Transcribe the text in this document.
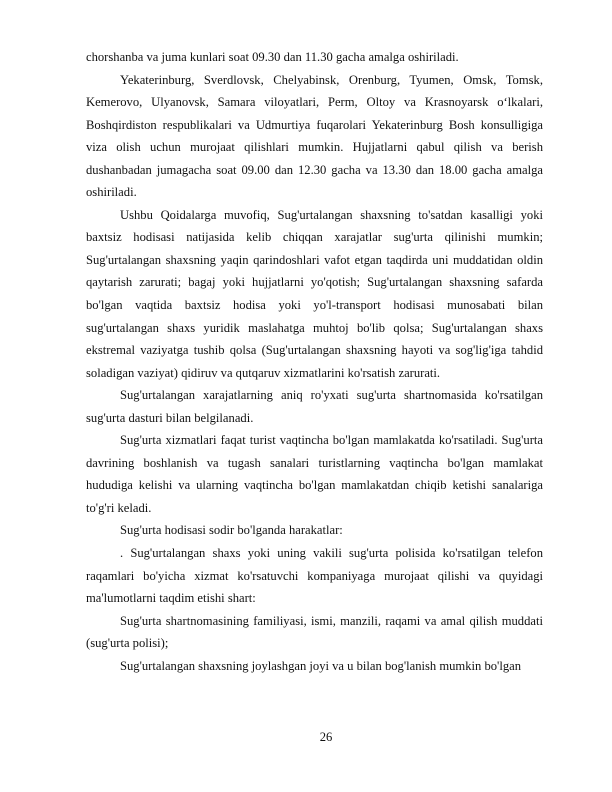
chorshanba va juma kunlari soat 09.30 dan 11.30 gacha amalga oshiriladi.

Yekaterinburg, Sverdlovsk, Chelyabinsk, Orenburg, Tyumen, Omsk, Tomsk, Kemerovo, Ulyanovsk, Samara viloyatlari, Perm, Oltoy va Krasnoyarsk o‘lkalari, Boshqirdiston respublikalari va Udmurtiya fuqarolari Yekaterinburg Bosh konsulligiga viza olish uchun murojaat qilishlari mumkin. Hujjatlarni qabul qilish va berish dushanbadan jumagacha soat 09.00 dan 12.30 gacha va 13.30 dan 18.00 gacha amalga oshiriladi.

Ushbu Qoidalarga muvofiq, Sug'urtalangan shaxsning to'satdan kasalligi yoki baxtsiz hodisasi natijasida kelib chiqqan xarajatlar sug'urta qilinishi mumkin; Sug'urtalangan shaxsning yaqin qarindoshlari vafot etgan taqdirda uni muddatidan oldin qaytarish zarurati; bagaj yoki hujjatlarni yo'qotish; Sug'urtalangan shaxsning safarda bo'lgan vaqtida baxtsiz hodisa yoki yo'l-transport hodisasi munosabati bilan sug'urtalangan shaxs yuridik maslahatga muhtoj bo'lib qolsa; Sug'urtalangan shaxs ekstremal vaziyatga tushib qolsa (Sug'urtalangan shaxsning hayoti va sog'lig'iga tahdid soladigan vaziyat) qidiruv va qutqaruv xizmatlarini ko'rsatish zarurati.

Sug'urtalangan xarajatlarning aniq ro'yxati sug'urta shartnomasida ko'rsatilgan sug'urta dasturi bilan belgilanadi.

Sug'urta xizmatlari faqat turist vaqtincha bo'lgan mamlakatda ko'rsatiladi. Sug'urta davrining boshlanish va tugash sanalari turistlarning vaqtincha bo'lgan mamlakat hududiga kelishi va ularning vaqtincha bo'lgan mamlakatdan chiqib ketishi sanalariga to'g'ri keladi.

Sug'urta hodisasi sodir bo'lganda harakatlar:

. Sug'urtalangan shaxs yoki uning vakili sug'urta polisida ko'rsatilgan telefon raqamlari bo'yicha xizmat ko'rsatuvchi kompaniyaga murojaat qilishi va quyidagi ma'lumotlarni taqdim etishi shart:

Sug'urta shartnomasining familiyasi, ismi, manzili, raqami va amal qilish muddati (sug'urta polisi);

Sug'urtalangan shaxsning joylashgan joyi va u bilan bog'lanish mumkin bo'lgan

26
